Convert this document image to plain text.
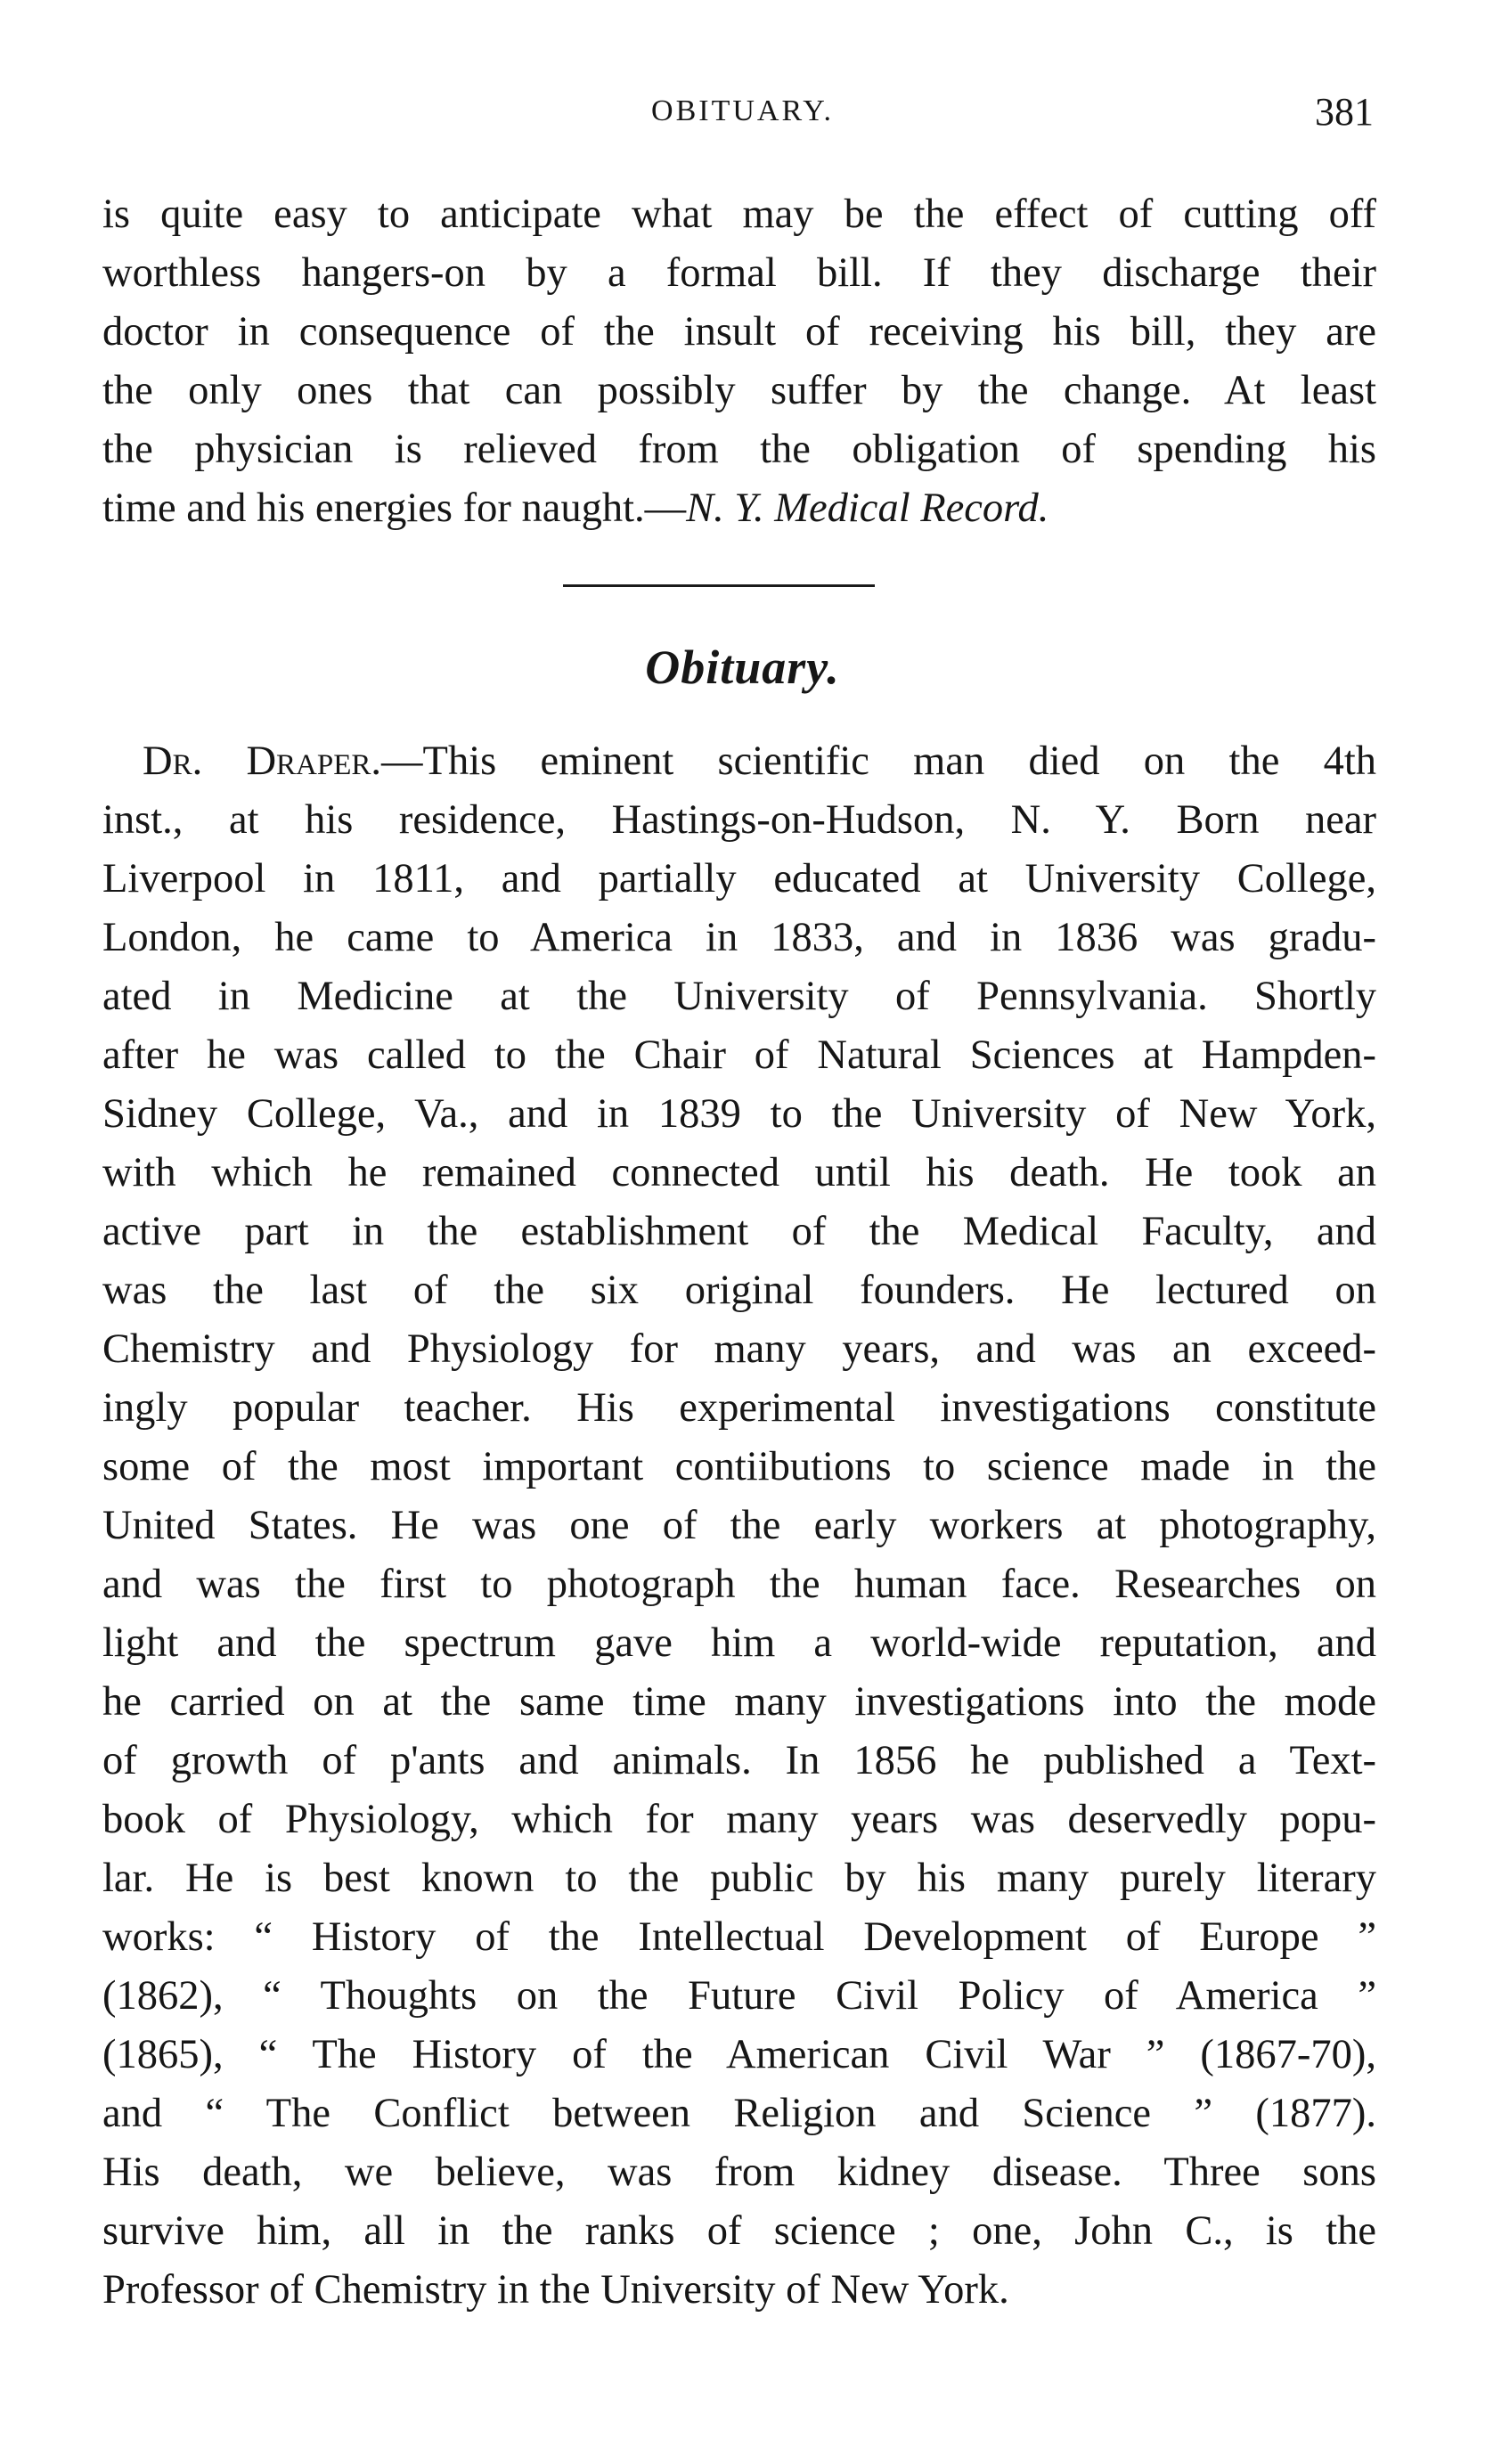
OBITUARY.	381
is quite easy to anticipate what may be the effect of cutting off
worthless hangers-on by a formal bill. If they discharge their
doctor in consequence of the insult of receiving his bill, they are
the only ones that can possibly suffer by the change. At least
the physician is relieved from the obligation of spending his
time and his energies for naught.—N. Y. Medical Record.
Obituary.
Dr. Draper.—This eminent scientific man died on the 4th
inst., at his residence, Hastings-on-Hudson, N. Y. Born near
Liverpool in 1811, and partially educated at University College,
London, he came to America in 1833, and in 1836 was gradu-
ated in Medicine at the University of Pennsylvania. Shortly
after he was called to the Chair of Natural Sciences at Hampden-
Sidney College, Va., and in 1839 to the University of New York,
with which he remained connected until his death. He took an
active part in the establishment of the Medical Faculty, and
was the last of the six original founders. He lectured on
Chemistry and Physiology for many years, and was an exceed-
ingly popular teacher. His experimental investigations constitute
some of the most important contiibutions to science made in the
United States. He was one of the early workers at photography,
and was the first to photograph the human face. Researches on
light and the spectrum gave him a world-wide reputation, and
he carried on at the same time many investigations into the mode
of growth of p'ants and animals. In 1856 he published a Text-
book of Physiology, which for many years was deservedly popu-
lar. He is best known to the public by his many purely literary
works: “ History of the Intellectual Development of Europe ”
(1862), “ Thoughts on the Future Civil Policy of America ”
(1865), “ The History of the American Civil War ” (1867-70),
and “ The Conflict between Religion and Science ” (1877).
His death, we believe, was from kidney disease. Three sons
survive him, all in the ranks of science ; one, John C., is the
Professor of Chemistry in the University of New York.
